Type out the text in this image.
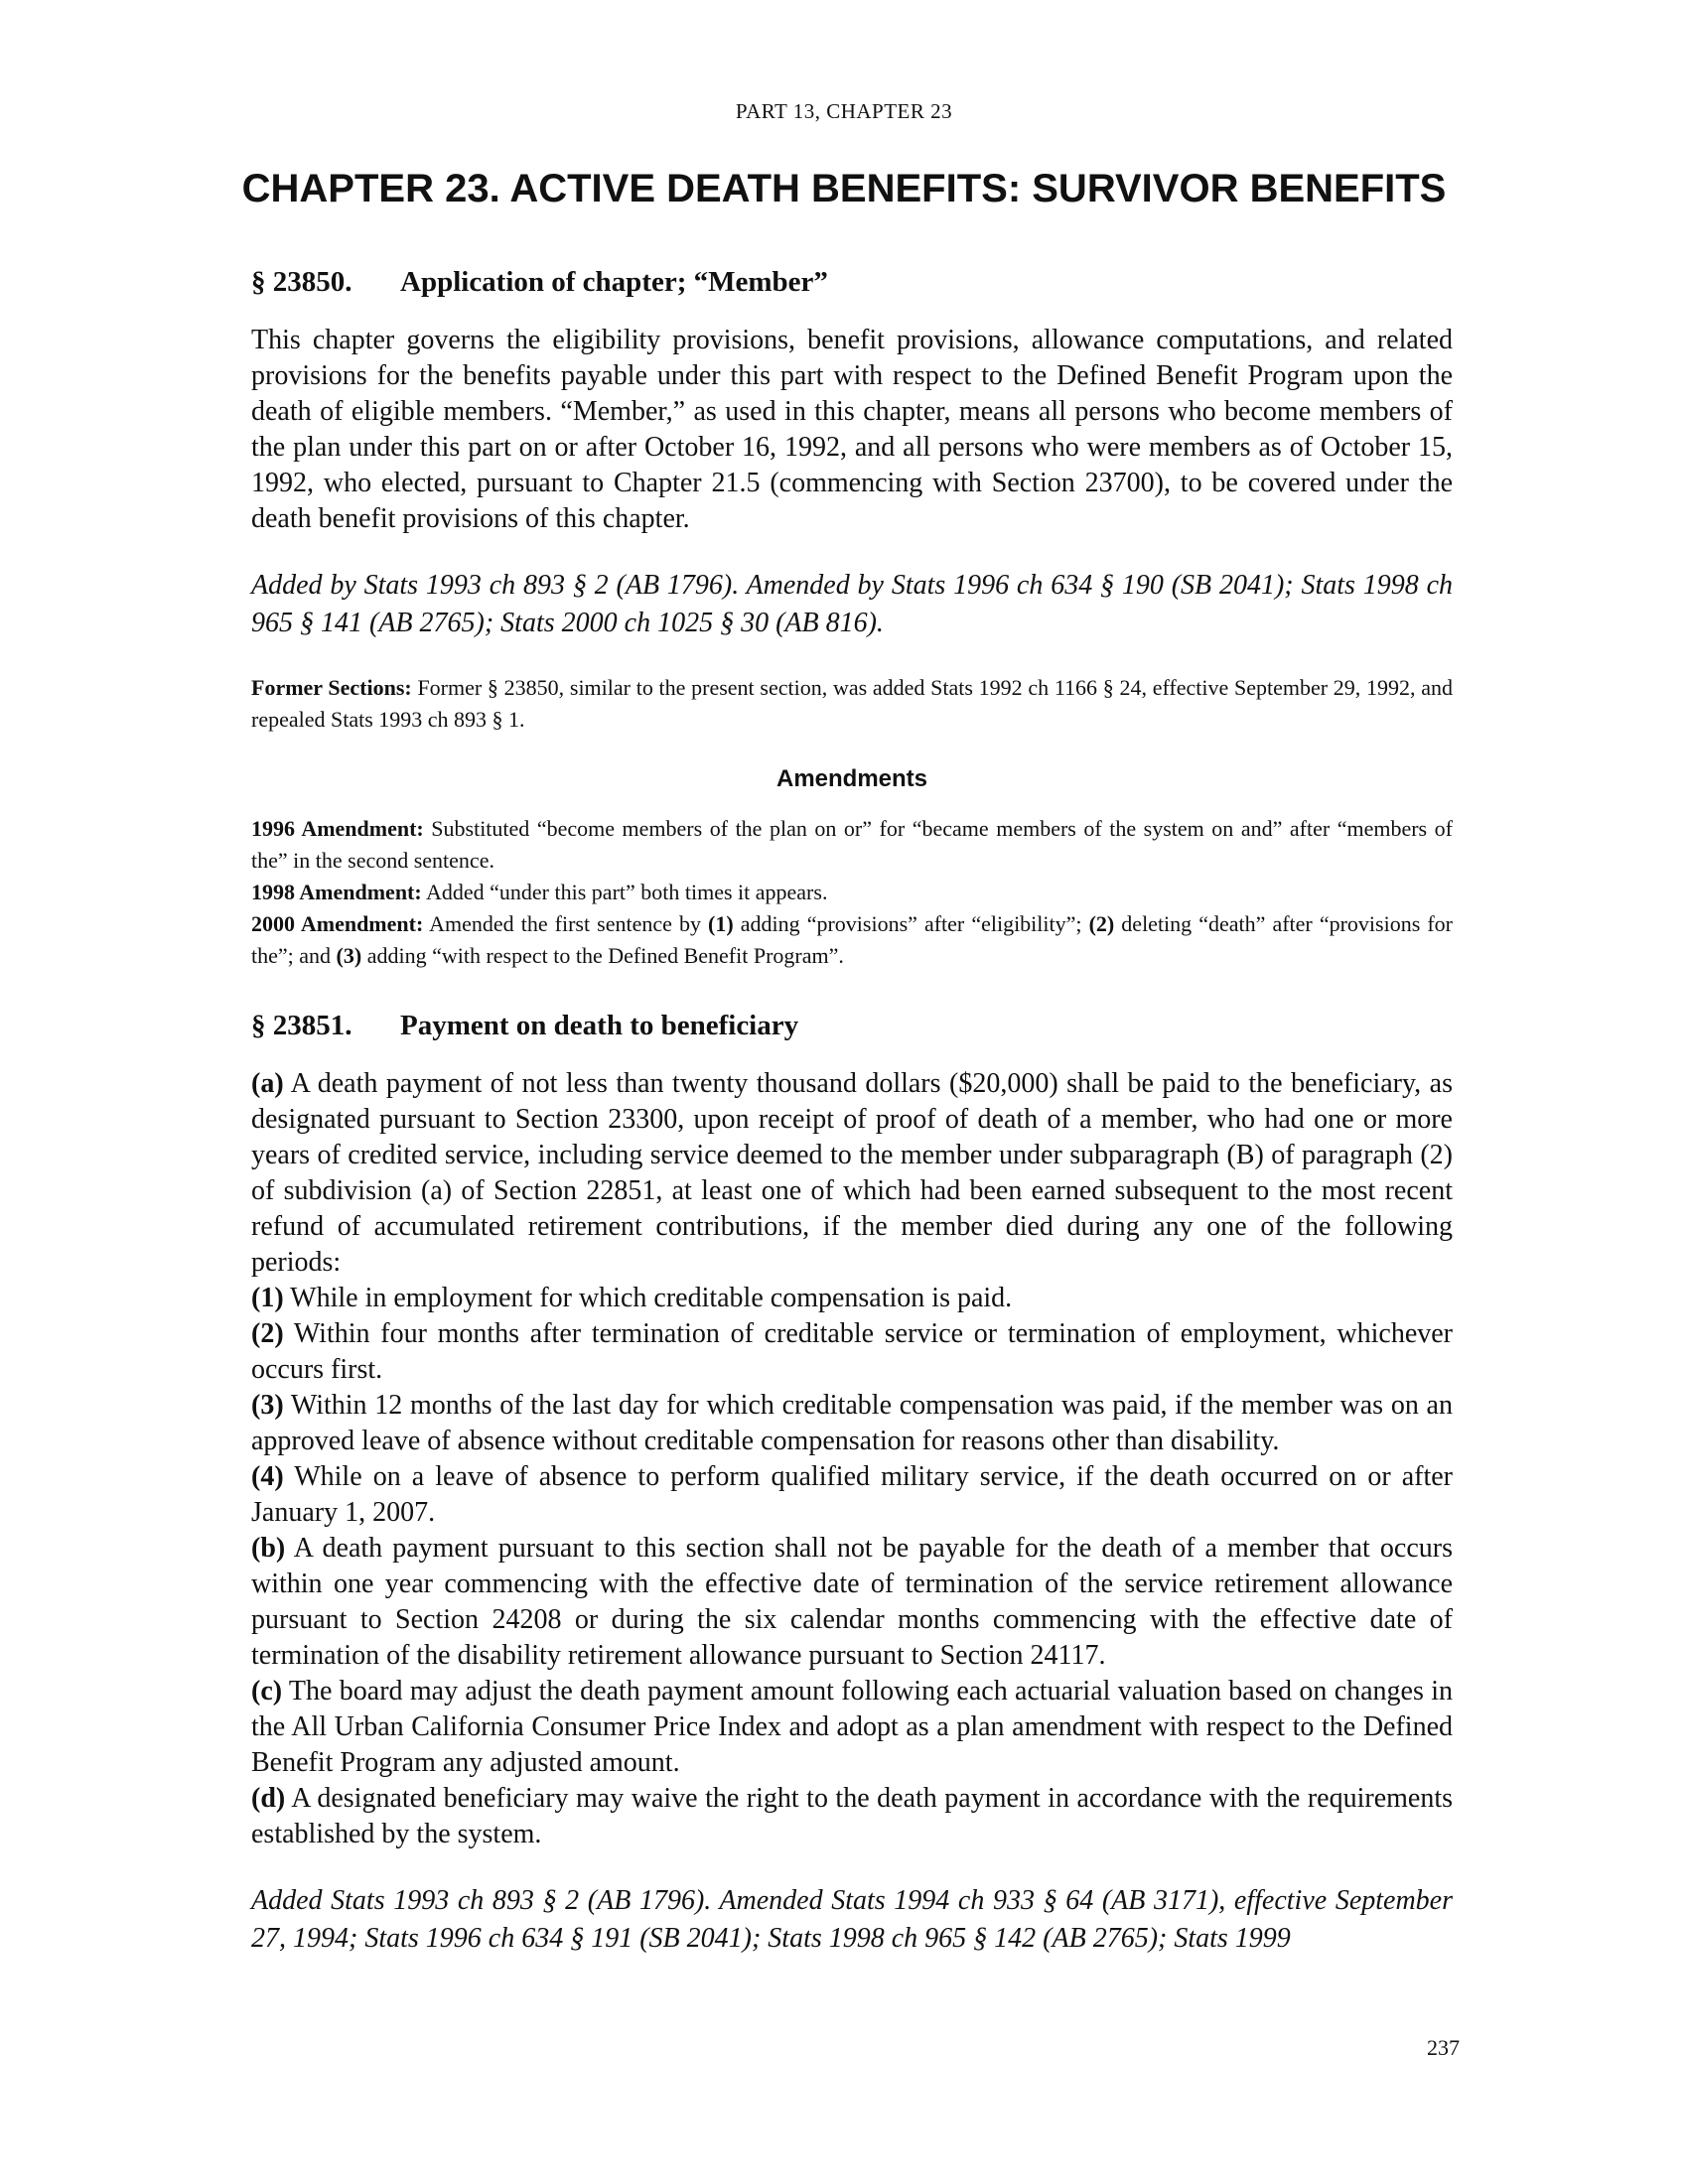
PART 13, CHAPTER 23
CHAPTER 23. ACTIVE DEATH BENEFITS: SURVIVOR BENEFITS
§ 23850.	Application of chapter; “Member”

This chapter governs the eligibility provisions, benefit provisions, allowance computations, and related provisions for the benefits payable under this part with respect to the Defined Benefit Program upon the death of eligible members. “Member,” as used in this chapter, means all persons who become members of the plan under this part on or after October 16, 1992, and all persons who were members as of October 15, 1992, who elected, pursuant to Chapter 21.5 (commencing with Section 23700), to be covered under the death benefit provisions of this chapter.

Added by Stats 1993 ch 893 § 2 (AB 1796). Amended by Stats 1996 ch 634 § 190 (SB 2041); Stats 1998 ch 965 § 141 (AB 2765); Stats 2000 ch 1025 § 30 (AB 816).

Former Sections: Former § 23850, similar to the present section, was added Stats 1992 ch 1166 § 24, effective September 29, 1992, and repealed Stats 1993 ch 893 § 1.

Amendments

1996 Amendment: Substituted “become members of the plan on or” for “became members of the system on and” after “members of the” in the second sentence.

1998 Amendment: Added “under this part” both times it appears.

2000 Amendment: Amended the first sentence by (1) adding “provisions” after “eligibility”; (2) deleting “death” after “provisions for the”; and (3) adding “with respect to the Defined Benefit Program”.

§ 23851.	Payment on death to beneficiary

(a) A death payment of not less than twenty thousand dollars ($20,000) shall be paid to the beneficiary, as designated pursuant to Section 23300, upon receipt of proof of death of a member, who had one or more years of credited service, including service deemed to the member under subparagraph (B) of paragraph (2) of subdivision (a) of Section 22851, at least one of which had been earned subsequent to the most recent refund of accumulated retirement contributions, if the member died during any one of the following periods:

(1) While in employment for which creditable compensation is paid.

(2) Within four months after termination of creditable service or termination of employment, whichever occurs first.

(3) Within 12 months of the last day for which creditable compensation was paid, if the member was on an approved leave of absence without creditable compensation for reasons other than disability.

(4) While on a leave of absence to perform qualified military service, if the death occurred on or after January 1, 2007.

(b) A death payment pursuant to this section shall not be payable for the death of a member that occurs within one year commencing with the effective date of termination of the service retirement allowance pursuant to Section 24208 or during the six calendar months commencing with the effective date of termination of the disability retirement allowance pursuant to Section 24117.

(c) The board may adjust the death payment amount following each actuarial valuation based on changes in the All Urban California Consumer Price Index and adopt as a plan amendment with respect to the Defined Benefit Program any adjusted amount.

(d) A designated beneficiary may waive the right to the death payment in accordance with the requirements established by the system.

Added Stats 1993 ch 893 § 2 (AB 1796). Amended Stats 1994 ch 933 § 64 (AB 3171), effective September 27, 1994; Stats 1996 ch 634 § 191 (SB 2041); Stats 1998 ch 965 § 142 (AB 2765); Stats 1999

237
